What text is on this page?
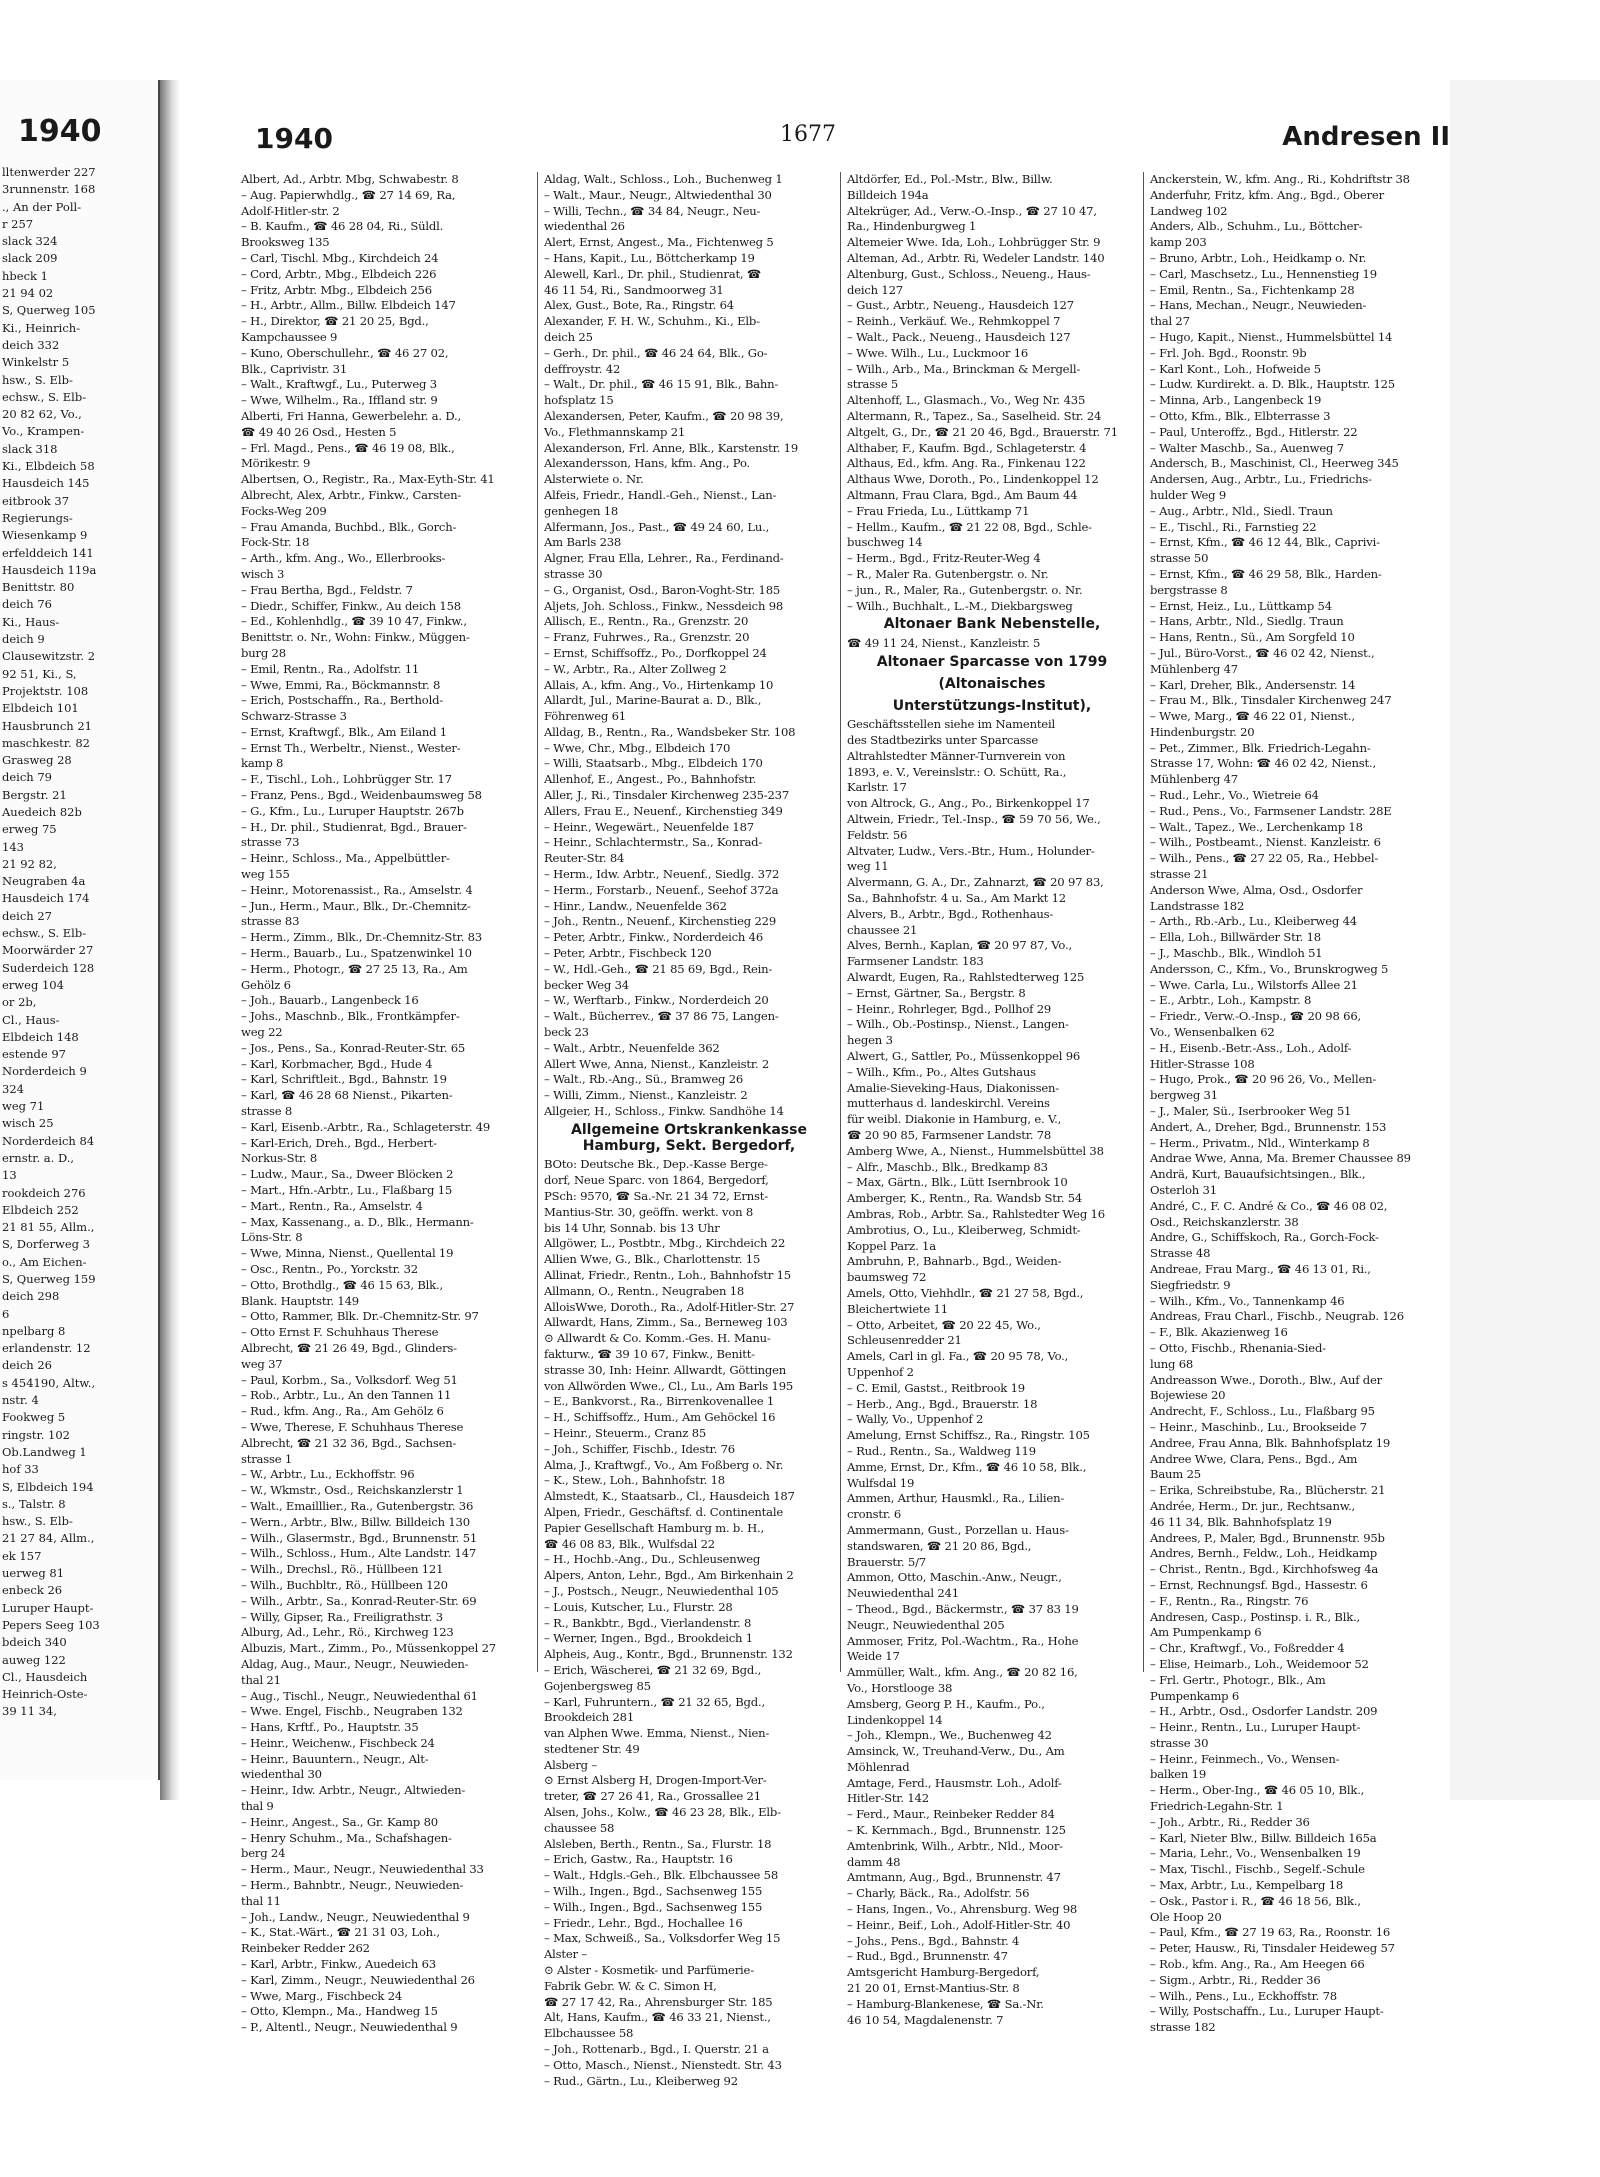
1940
lltenwerder 227
3runnenstr. 168
., An der Poll-
r 257
slack 324
slack 209
hbeck 1
21 94 02
S, Querweg 105
Ki., Heinrich-
deich 332
Winkelstr 5
hsw., S. Elb-
echsw., S. Elb-
20 82 62, Vo.,
Vo., Krampen-
slack 318
Ki., Elbdeich 58
Hausdeich 145
eitbrook 37
Regierungs-
Wiesenkamp 9
erfelddeich 141
Hausdeich 119a
Benittstr. 80
deich 76
Ki., Haus-
deich 9
Clausewitzstr. 2
92 51, Ki., S,
Projektstr. 108
Elbdeich 101
Hausbrunch 21
maschkestr. 82
Grasweg 28
deich 79
Bergstr. 21
Auedeich 82b
erweg 75
143
21 92 82,
Neugraben 4a
Hausdeich 174
deich 27
echsw., S. Elb-
Moorwärder 27
Suderdeich 128
erweg 104
or 2b,
Cl., Haus-
Elbdeich 148
estende 97
Norderdeich 9
324
weg 71
wisch 25
Norderdeich 84
ernstr. a. D.,
13
rookdeich 276
Elbdeich 252
21 81 55, Allm.,
S, Dorferweg 3
o., Am Eichen-
S, Querweg 159
deich 298
6
npelbarg 8
erlandenstr. 12
deich 26
s 454190, Altw.,
nstr. 4
Fookweg 5
ringstr. 102
Ob.Landweg 1
hof 33
S, Elbdeich 194
s., Talstr. 8
hsw., S. Elb-
21 27 84, Allm.,
ek 157
uerweg 81
enbeck 26
Luruper Haupt-
Pepers Seeg 103
bdeich 340
auweg 122
Cl., Hausdeich
Heinrich-Oste-
39 11 34,
1940	1677	Andresen II
Albert, Ad., Arbtr. Mbg, Schwabestr. 8
– Aug. Papierwhdlg., ☎ 27 14 69, Ra,
Adolf-Hitler-str. 2
– B. Kaufm., ☎ 46 28 04, Ri., Süldl.
Brooksweg 135
– Carl, Tischl. Mbg., Kirchdeich 24
– Cord, Arbtr., Mbg., Elbdeich 226
– Fritz, Arbtr. Mbg., Elbdeich 256
– H., Arbtr., Allm., Billw. Elbdeich 147
– H., Direktor, ☎ 21 20 25, Bgd.,
Kampchaussee 9
– Kuno, Oberschullehr., ☎ 46 27 02,
Blk., Caprivistr. 31
– Walt., Kraftwgf., Lu., Puterweg 3
– Wwe, Wilhelm., Ra., Iffland str. 9
Alberti, Fri Hanna, Gewerbelehr. a. D.,
☎ 49 40 26 Osd., Hesten 5
– Frl. Magd., Pens., ☎ 46 19 08, Blk.,
Mörikestr. 9
Albertsen, O., Registr., Ra., Max-Eyth-Str. 41
Albrecht, Alex, Arbtr., Finkw., Carsten-
Focks-Weg 209
– Frau Amanda, Buchbd., Blk., Gorch-
Fock-Str. 18
– Arth., kfm. Ang., Wo., Ellerbrooks-
wisch 3
– Frau Bertha, Bgd., Feldstr. 7
– Diedr., Schiffer, Finkw., Au deich 158
– Ed., Kohlenhdlg., ☎ 39 10 47, Finkw.,
Benittstr. o. Nr., Wohn: Finkw., Müggen-
burg 28
– Emil, Rentn., Ra., Adolfstr. 11
– Wwe, Emmi, Ra., Böckmannstr. 8
– Erich, Postschaffn., Ra., Berthold-
Schwarz-Strasse 3
– Ernst, Kraftwgf., Blk., Am Eiland 1
– Ernst Th., Werbeltr., Nienst., Wester-
kamp 8
– F., Tischl., Loh., Lohbrügger Str. 17
– Franz, Pens., Bgd., Weidenbaumsweg 58
– G., Kfm., Lu., Luruper Hauptstr. 267b
– H., Dr. phil., Studienrat, Bgd., Brauer-
strasse 73
– Heinr., Schloss., Ma., Appelbüttler-
weg 155
– Heinr., Motorenassist., Ra., Amselstr. 4
– Jun., Herm., Maur., Blk., Dr.-Chemnitz-
strasse 83
– Herm., Zimm., Blk., Dr.-Chemnitz-Str. 83
– Herm., Bauarb., Lu., Spatzenwinkel 10
– Herm., Photogr., ☎ 27 25 13, Ra., Am
Gehölz 6
– Joh., Bauarb., Langenbeck 16
– Johs., Maschnb., Blk., Frontkämpfer-
weg 22
– Jos., Pens., Sa., Konrad-Reuter-Str. 65
– Karl, Korbmacher, Bgd., Hude 4
– Karl, Schriftleit., Bgd., Bahnstr. 19
– Karl, ☎ 46 28 68 Nienst., Pikarten-
strasse 8
– Karl, Eisenb.-Arbtr., Ra., Schlageterstr. 49
– Karl-Erich, Dreh., Bgd., Herbert-
Norkus-Str. 8
– Ludw., Maur., Sa., Dweer Blöcken 2
– Mart., Hfn.-Arbtr., Lu., Flaßbarg 15
– Mart., Rentn., Ra., Amselstr. 4
– Max, Kassenang., a. D., Blk., Hermann-
Löns-Str. 8
– Wwe, Minna, Nienst., Quellental 19
– Osc., Rentn., Po., Yorckstr. 32
– Otto, Brothdlg., ☎ 46 15 63, Blk.,
Blank. Hauptstr. 149
– Otto, Rammer, Blk. Dr.-Chemnitz-Str. 97
– Otto Ernst F. Schuhhaus Therese
Albrecht, ☎ 21 26 49, Bgd., Glinders-
weg 37
– Paul, Korbm., Sa., Volksdorf. Weg 51
– Rob., Arbtr., Lu., An den Tannen 11
– Rud., kfm. Ang., Ra., Am Gehölz 6
– Wwe, Therese, F. Schuhhaus Therese
Albrecht, ☎ 21 32 36, Bgd., Sachsen-
strasse 1
– W., Arbtr., Lu., Eckhoffstr. 96
– W., Wkmstr., Osd., Reichskanzlerstr 1
– Walt., Emailllier., Ra., Gutenbergstr. 36
– Wern., Arbtr., Blw., Billw. Billdeich 130
– Wilh., Glasermstr., Bgd., Brunnenstr. 51
– Wilh., Schloss., Hum., Alte Landstr. 147
– Wilh., Drechsl., Rö., Hüllbeen 121
– Wilh., Buchbltr., Rö., Hüllbeen 120
– Wilh., Arbtr., Sa., Konrad-Reuter-Str. 69
– Willy, Gipser, Ra., Freiligrathstr. 3
Alburg, Ad., Lehr., Rö., Kirchweg 123
Albuzis, Mart., Zimm., Po., Müssenkoppel 27
Aldag, Aug., Maur., Neugr., Neuwieden-
thal 21
– Aug., Tischl., Neugr., Neuwiedenthal 61
– Wwe. Engel, Fischb., Neugraben 132
– Hans, Krftf., Po., Hauptstr. 35
– Heinr., Weichenw., Fischbeck 24
– Heinr., Bauuntern., Neugr., Alt-
wiedenthal 30
– Heinr., Idw. Arbtr., Neugr., Altwieden-
thal 9
– Heinr., Angest., Sa., Gr. Kamp 80
– Henry Schuhm., Ma., Schafshagen-
berg 24
– Herm., Maur., Neugr., Neuwiedenthal 33
– Herm., Bahnbtr., Neugr., Neuwieden-
thal 11
– Joh., Landw., Neugr., Neuwiedenthal 9
– K., Stat.-Wärt., ☎ 21 31 03, Loh.,
Reinbeker Redder 262
– Karl, Arbtr., Finkw., Auedeich 63
– Karl, Zimm., Neugr., Neuwiedenthal 26
– Wwe, Marg., Fischbeck 24
– Otto, Klempn., Ma., Handweg 15
– P., Altentl., Neugr., Neuwiedenthal 9
Aldag, Walt., Schloss., Loh., Buchenweg 1
– Walt., Maur., Neugr., Altwiedenthal 30
– Willi, Techn., ☎ 34 84, Neugr., Neu-
wiedenthal 26
Alert, Ernst, Angest., Ma., Fichtenweg 5
– Hans, Kapit., Lu., Böttcherkamp 19
Alewell, Karl., Dr. phil., Studienrat, ☎
46 11 54, Ri., Sandmoorweg 31
Alex, Gust., Bote, Ra., Ringstr. 64
Alexander, F. H. W., Schuhm., Ki., Elb-
deich 25
– Gerh., Dr. phil., ☎ 46 24 64, Blk., Go-
deffroystr. 42
– Walt., Dr. phil., ☎ 46 15 91, Blk., Bahn-
hofsplatz 15
Alexandersen, Peter, Kaufm., ☎ 20 98 39,
Vo., Flethmannskamp 21
Alexanderson, Frl. Anne, Blk., Karstenstr. 19
Alexandersson, Hans, kfm. Ang., Po.
Alsterwiete o. Nr.
Alfeis, Friedr., Handl.-Geh., Nienst., Lan-
genhegen 18
Alfermann, Jos., Past., ☎ 49 24 60, Lu.,
Am Barls 238
Algner, Frau Ella, Lehrer., Ra., Ferdinand-
strasse 30
– G., Organist, Osd., Baron-Voght-Str. 185
Aljets, Joh. Schloss., Finkw., Nessdeich 98
Allisch, E., Rentn., Ra., Grenzstr. 20
– Franz, Fuhrwes., Ra., Grenzstr. 20
– Ernst, Schiffsoffz., Po., Dorfkoppel 24
– W., Arbtr., Ra., Alter Zollweg 2
Allais, A., kfm. Ang., Vo., Hirtenkamp 10
Allardt, Jul., Marine-Baurat a. D., Blk.,
Föhrenweg 61
Alldag, B., Rentn., Ra., Wandsbeker Str. 108
– Wwe, Chr., Mbg., Elbdeich 170
– Willi, Staatsarb., Mbg., Elbdeich 170
Allenhof, E., Angest., Po., Bahnhofstr.
Aller, J., Ri., Tinsdaler Kirchenweg 235-237
Allers, Frau E., Neuenf., Kirchenstieg 349
– Heinr., Wegewärt., Neuenfelde 187
– Heinr., Schlachtermstr., Sa., Konrad-
Reuter-Str. 84
– Herm., Idw. Arbtr., Neuenf., Siedlg. 372
– Herm., Forstarb., Neuenf., Seehof 372a
– Hinr., Landw., Neuenfelde 362
– Joh., Rentn., Neuenf., Kirchenstieg 229
– Peter, Arbtr., Finkw., Norderdeich 46
– Peter, Arbtr., Fischbeck 120
– W., Hdl.-Geh., ☎ 21 85 69, Bgd., Rein-
becker Weg 34
– W., Werftarb., Finkw., Norderdeich 20
– Walt., Bücherrev., ☎ 37 86 75, Langen-
beck 23
– Walt., Arbtr., Neuenfelde 362
Allert Wwe, Anna, Nienst., Kanzleistr. 2
– Walt., Rb.-Ang., Sü., Bramweg 26
– Willi, Zimm., Nienst., Kanzleistr. 2
Allgeier, H., Schloss., Finkw. Sandhöhe 14
Allgemeine Ortskrankenkasse Hamburg, Sekt. Bergedorf,
BOto: Deutsche Bk., Dep.-Kasse Berge-
dorf, Neue Sparc. von 1864, Bergedorf,
PSch: 9570, ☎ Sa.-Nr. 21 34 72, Ernst-
Mantius-Str. 30, geöffn. werkt. von 8
bis 14 Uhr, Sonnab. bis 13 Uhr
Allgöwer, L., Postbtr., Mbg., Kirchdeich 22
Allien Wwe, G., Blk., Charlottenstr. 15
Allinat, Friedr., Rentn., Loh., Bahnhofstr 15
Allmann, O., Rentn., Neugraben 18
AlloisWwe, Doroth., Ra., Adolf-Hitler-Str. 27
Allwardt, Hans, Zimm., Sa., Berneweg 103
⊙ Allwardt & Co. Komm.-Ges. H. Manu-
fakturw., ☎ 39 10 67, Finkw., Benitt-
strasse 30, Inh: Heinr. Allwardt, Göttingen
von Allwörden Wwe., Cl., Lu., Am Barls 195
– E., Bankvorst., Ra., Birrenkovenallee 1
– H., Schiffsoffz., Hum., Am Gehöckel 16
– Heinr., Steuerm., Cranz 85
– Joh., Schiffer, Fischb., Idestr. 76
Alma, J., Kraftwgf., Vo., Am Foßberg o. Nr.
– K., Stew., Loh., Bahnhofstr. 18
Almstedt, K., Staatsarb., Cl., Hausdeich 187
Alpen, Friedr., Geschäftsf. d. Continentale
Papier Gesellschaft Hamburg m. b. H.,
☎ 46 08 83, Blk., Wulfsdal 22
– H., Hochb.-Ang., Du., Schleusenweg
Alpers, Anton, Lehr., Bgd., Am Birkenhain 2
– J., Postsch., Neugr., Neuwiedenthal 105
– Louis, Kutscher, Lu., Flurstr. 28
– R., Bankbtr., Bgd., Vierlandenstr. 8
– Werner, Ingen., Bgd., Brookdeich 1
Alpheis, Aug., Kontr., Bgd., Brunnenstr. 132
– Erich, Wäscherei, ☎ 21 32 69, Bgd.,
Gojenbergsweg 85
– Karl, Fuhruntern., ☎ 21 32 65, Bgd.,
Brookdeich 281
van Alphen Wwe. Emma, Nienst., Nien-
stedtener Str. 49
Alsberg –
⊙ Ernst Alsberg H, Drogen-Import-Ver-
treter, ☎ 27 26 41, Ra., Grossallee 21
Alsen, Johs., Kolw., ☎ 46 23 28, Blk., Elb-
chaussee 58
Alsleben, Berth., Rentn., Sa., Flurstr. 18
– Erich, Gastw., Ra., Hauptstr. 16
– Walt., Hdgls.-Geh., Blk. Elbchaussee 58
– Wilh., Ingen., Bgd., Sachsenweg 155
– Wilh., Ingen., Bgd., Sachsenweg 155
– Friedr., Lehr., Bgd., Hochallee 16
– Max, Schweiß., Sa., Volksdorfer Weg 15
Alster –
⊙ Alster - Kosmetik- und Parfümerie-
Fabrik Gebr. W. & C. Simon H,
☎ 27 17 42, Ra., Ahrensburger Str. 185
Alt, Hans, Kaufm., ☎ 46 33 21, Nienst.,
Elbchaussee 58
– Joh., Rottenarb., Bgd., I. Querstr. 21 a
– Otto, Masch., Nienst., Nienstedt. Str. 43
– Rud., Gärtn., Lu., Kleiberweg 92
Altdörfer, Ed., Pol.-Mstr., Blw., Billw.
Billdeich 194a
Altekrüger, Ad., Verw.-O.-Insp., ☎ 27 10 47,
Ra., Hindenburgweg 1
Altemeier Wwe. Ida, Loh., Lohbrügger Str. 9
Alteman, Ad., Arbtr. Ri, Wedeler Landstr. 140
Altenburg, Gust., Schloss., Neueng., Haus-
deich 127
– Gust., Arbtr., Neueng., Hausdeich 127
– Reinh., Verkäuf. We., Rehmkoppel 7
– Walt., Pack., Neueng., Hausdeich 127
– Wwe. Wilh., Lu., Luckmoor 16
– Wilh., Arb., Ma., Brinckman & Mergell-
strasse 5
Altenhoff, L., Glasmach., Vo., Weg Nr. 435
Altermann, R., Tapez., Sa., Saselheid. Str. 24
Altgelt, G., Dr., ☎ 21 20 46, Bgd., Brauerstr. 71
Althaber, F., Kaufm. Bgd., Schlageterstr. 4
Althaus, Ed., kfm. Ang. Ra., Finkenau 122
Althaus Wwe, Doroth., Po., Lindenkoppel 12
Altmann, Frau Clara, Bgd., Am Baum 44
– Frau Frieda, Lu., Lüttkamp 71
– Hellm., Kaufm., ☎ 21 22 08, Bgd., Schle-
buschweg 14
– Herm., Bgd., Fritz-Reuter-Weg 4
– R., Maler Ra. Gutenbergstr. o. Nr.
– jun., R., Maler, Ra., Gutenbergstr. o. Nr.
– Wilh., Buchhalt., L.-M., Diekbargsweg
Altonaer Bank Nebenstelle,
☎ 49 11 24, Nienst., Kanzleistr. 5
Altonaer Sparcasse von 1799
(Altonaisches
Unterstützungs-Institut),
Geschäftsstellen siehe im Namenteil
des Stadtbezirks unter Sparcasse
Altrahlstedter Männer-Turnverein von
1893, e. V., Vereinslstr.: O. Schütt, Ra.,
Karlstr. 17
von Altrock, G., Ang., Po., Birkenkoppel 17
Altwein, Friedr., Tel.-Insp., ☎ 59 70 56, We.,
Feldstr. 56
Altvater, Ludw., Vers.-Btr., Hum., Holunder-
weg 11
Alvermann, G. A., Dr., Zahnarzt, ☎ 20 97 83,
Sa., Bahnhofstr. 4 u. Sa., Am Markt 12
Alvers, B., Arbtr., Bgd., Rothenhaus-
chaussee 21
Alves, Bernh., Kaplan, ☎ 20 97 87, Vo.,
Farmsener Landstr. 183
Alwardt, Eugen, Ra., Rahlstedterweg 125
– Ernst, Gärtner, Sa., Bergstr. 8
– Heinr., Rohrleger, Bgd., Pollhof 29
– Wilh., Ob.-Postinsp., Nienst., Langen-
hegen 3
Alwert, G., Sattler, Po., Müssenkoppel 96
– Wilh., Kfm., Po., Altes Gutshaus
Amalie-Sieveking-Haus, Diakonissen-
mutterhaus d. landeskirchl. Vereins
für weibl. Diakonie in Hamburg, e. V.,
☎ 20 90 85, Farmsener Landstr. 78
Amberg Wwe, A., Nienst., Hummelsbüttel 38
– Alfr., Maschb., Blk., Bredkamp 83
– Max, Gärtn., Blk., Lütt Isernbrook 10
Amberger, K., Rentn., Ra. Wandsb Str. 54
Ambras, Rob., Arbtr. Sa., Rahlstedter Weg 16
Ambrotius, O., Lu., Kleiberweg, Schmidt-
Koppel Parz. 1a
Ambruhn, P., Bahnarb., Bgd., Weiden-
baumsweg 72
Amels, Otto, Viehhdlr., ☎ 21 27 58, Bgd.,
Bleichertwiete 11
– Otto, Arbeitet, ☎ 20 22 45, Wo.,
Schleusenredder 21
Amels, Carl in gl. Fa., ☎ 20 95 78, Vo.,
Uppenhof 2
– C. Emil, Gastst., Reitbrook 19
– Herb., Ang., Bgd., Brauerstr. 18
– Wally, Vo., Uppenhof 2
Amelung, Ernst Schiffsz., Ra., Ringstr. 105
– Rud., Rentn., Sa., Waldweg 119
Amme, Ernst, Dr., Kfm., ☎ 46 10 58, Blk.,
Wulfsdal 19
Ammen, Arthur, Hausmkl., Ra., Lilien-
cronstr. 6
Ammermann, Gust., Porzellan u. Haus-
standswaren, ☎ 21 20 86, Bgd.,
Brauerstr. 5/7
Ammon, Otto, Maschin.-Anw., Neugr.,
Neuwiedenthal 241
– Theod., Bgd., Bäckermstr., ☎ 37 83 19
Neugr., Neuwiedenthal 205
Ammoser, Fritz, Pol.-Wachtm., Ra., Hohe
Weide 17
Ammüller, Walt., kfm. Ang., ☎ 20 82 16,
Vo., Horstlooge 38
Amsberg, Georg P. H., Kaufm., Po.,
Lindenkoppel 14
– Joh., Klempn., We., Buchenweg 42
Amsinck, W., Treuhand-Verw., Du., Am
Möhlenrad
Amtage, Ferd., Hausmstr. Loh., Adolf-
Hitler-Str. 142
– Ferd., Maur., Reinbeker Redder 84
– K. Kernmach., Bgd., Brunnenstr. 125
Amtenbrink, Wilh., Arbtr., Nld., Moor-
damm 48
Amtmann, Aug., Bgd., Brunnenstr. 47
– Charly, Bäck., Ra., Adolfstr. 56
– Hans, Ingen., Vo., Ahrensburg. Weg 98
– Heinr., Beif., Loh., Adolf-Hitler-Str. 40
– Johs., Pens., Bgd., Bahnstr. 4
– Rud., Bgd., Brunnenstr. 47
Amtsgericht Hamburg-Bergedorf,
21 20 01, Ernst-Mantius-Str. 8
– Hamburg-Blankenese, ☎ Sa.-Nr.
46 10 54, Magdalenenstr. 7
Anckerstein, W., kfm. Ang., Ri., Kohdriftstr 38
Anderfuhr, Fritz, kfm. Ang., Bgd., Oberer
Landweg 102
Anders, Alb., Schuhm., Lu., Böttcher-
kamp 203
– Bruno, Arbtr., Loh., Heidkamp o. Nr.
– Carl, Maschsetz., Lu., Hennenstieg 19
– Emil, Rentn., Sa., Fichtenkamp 28
– Hans, Mechan., Neugr., Neuwieden-
thal 27
– Hugo, Kapit., Nienst., Hummelsbüttel 14
– Frl. Joh. Bgd., Roonstr. 9b
– Karl Kont., Loh., Hofweide 5
– Ludw. Kurdirekt. a. D. Blk., Hauptstr. 125
– Minna, Arb., Langenbeck 19
– Otto, Kfm., Blk., Elbterrasse 3
– Paul, Unteroffz., Bgd., Hitlerstr. 22
– Walter Maschb., Sa., Auenweg 7
Andersch, B., Maschinist, Cl., Heerweg 345
Andersen, Aug., Arbtr., Lu., Friedrichs-
hulder Weg 9
– Aug., Arbtr., Nld., Siedl. Traun
– E., Tischl., Ri., Farnstieg 22
– Ernst, Kfm., ☎ 46 12 44, Blk., Caprivi-
strasse 50
– Ernst, Kfm., ☎ 46 29 58, Blk., Harden-
bergstrasse 8
– Ernst, Heiz., Lu., Lüttkamp 54
– Hans, Arbtr., Nld., Siedlg. Traun
– Hans, Rentn., Sü., Am Sorgfeld 10
– Jul., Büro-Vorst., ☎ 46 02 42, Nienst.,
Mühlenberg 47
– Karl, Dreher, Blk., Andersenstr. 14
– Frau M., Blk., Tinsdaler Kirchenweg 247
– Wwe, Marg., ☎ 46 22 01, Nienst.,
Hindenburgstr. 20
– Pet., Zimmer., Blk. Friedrich-Legahn-
Strasse 17, Wohn: ☎ 46 02 42, Nienst.,
Mühlenberg 47
– Rud., Lehr., Vo., Wietreie 64
– Rud., Pens., Vo., Farmsener Landstr. 28E
– Walt., Tapez., We., Lerchenkamp 18
– Wilh., Postbeamt., Nienst. Kanzleistr. 6
– Wilh., Pens., ☎ 27 22 05, Ra., Hebbel-
strasse 21
Anderson Wwe, Alma, Osd., Osdorfer
Landstrasse 182
– Arth., Rb.-Arb., Lu., Kleiberweg 44
– Ella, Loh., Billwärder Str. 18
– J., Maschb., Blk., Windloh 51
Andersson, C., Kfm., Vo., Brunskrogweg 5
– Wwe. Carla, Lu., Wilstorfs Allee 21
– E., Arbtr., Loh., Kampstr. 8
– Friedr., Verw.-O.-Insp., ☎ 20 98 66,
Vo., Wensenbalken 62
– H., Eisenb.-Betr.-Ass., Loh., Adolf-
Hitler-Strasse 108
– Hugo, Prok., ☎ 20 96 26, Vo., Mellen-
bergweg 31
– J., Maler, Sü., Iserbrooker Weg 51
Andert, A., Dreher, Bgd., Brunnenstr. 153
– Herm., Privatm., Nld., Winterkamp 8
Andrae Wwe, Anna, Ma. Bremer Chaussee 89
Andrä, Kurt, Bauaufsichtsingen., Blk.,
Osterloh 31
André, C., F. C. André & Co., ☎ 46 08 02,
Osd., Reichskanzlerstr. 38
Andre, G., Schiffskoch, Ra., Gorch-Fock-
Strasse 48
Andreae, Frau Marg., ☎ 46 13 01, Ri.,
Siegfriedstr. 9
– Wilh., Kfm., Vo., Tannenkamp 46
Andreas, Frau Charl., Fischb., Neugrab. 126
– F., Blk. Akazienweg 16
– Otto, Fischb., Rhenania-Sied-
lung 68
Andreasson Wwe., Doroth., Blw., Auf der
Bojewiese 20
Andrecht, F., Schloss., Lu., Flaßbarg 95
– Heinr., Maschinb., Lu., Brookseide 7
Andree, Frau Anna, Blk. Bahnhofsplatz 19
Andree Wwe, Clara, Pens., Bgd., Am
Baum 25
– Erika, Schreibstube, Ra., Blücherstr. 21
Andrée, Herm., Dr. jur., Rechtsanw.,
46 11 34, Blk. Bahnhofsplatz 19
Andrees, P., Maler, Bgd., Brunnenstr. 95b
Andres, Bernh., Feldw., Loh., Heidkamp
– Christ., Rentn., Bgd., Kirchhofsweg 4a
– Ernst, Rechnungsf. Bgd., Hassestr. 6
– F., Rentn., Ra., Ringstr. 76
Andresen, Casp., Postinsp. i. R., Blk.,
Am Pumpenkamp 6
– Chr., Kraftwgf., Vo., Foßredder 4
– Elise, Heimarb., Loh., Weidemoor 52
– Frl. Gertr., Photogr., Blk., Am
Pumpenkamp 6
– H., Arbtr., Osd., Osdorfer Landstr. 209
– Heinr., Rentn., Lu., Luruper Haupt-
strasse 30
– Heinr., Feinmech., Vo., Wensen-
balken 19
– Herm., Ober-Ing., ☎ 46 05 10, Blk.,
Friedrich-Legahn-Str. 1
– Joh., Arbtr., Ri., Redder 36
– Karl, Nieter Blw., Billw. Billdeich 165a
– Maria, Lehr., Vo., Wensenbalken 19
– Max, Tischl., Fischb., Segelf.-Schule
– Max, Arbtr., Lu., Kempelbarg 18
– Osk., Pastor i. R., ☎ 46 18 56, Blk.,
Ole Hoop 20
– Paul, Kfm., ☎ 27 19 63, Ra., Roonstr. 16
– Peter, Hausw., Ri, Tinsdaler Heideweg 57
– Rob., kfm. Ang., Ra., Am Heegen 66
– Sigm., Arbtr., Ri., Redder 36
– Wilh., Pens., Lu., Eckhoffstr. 78
– Willy, Postschaffn., Lu., Luruper Haupt-
strasse 182
